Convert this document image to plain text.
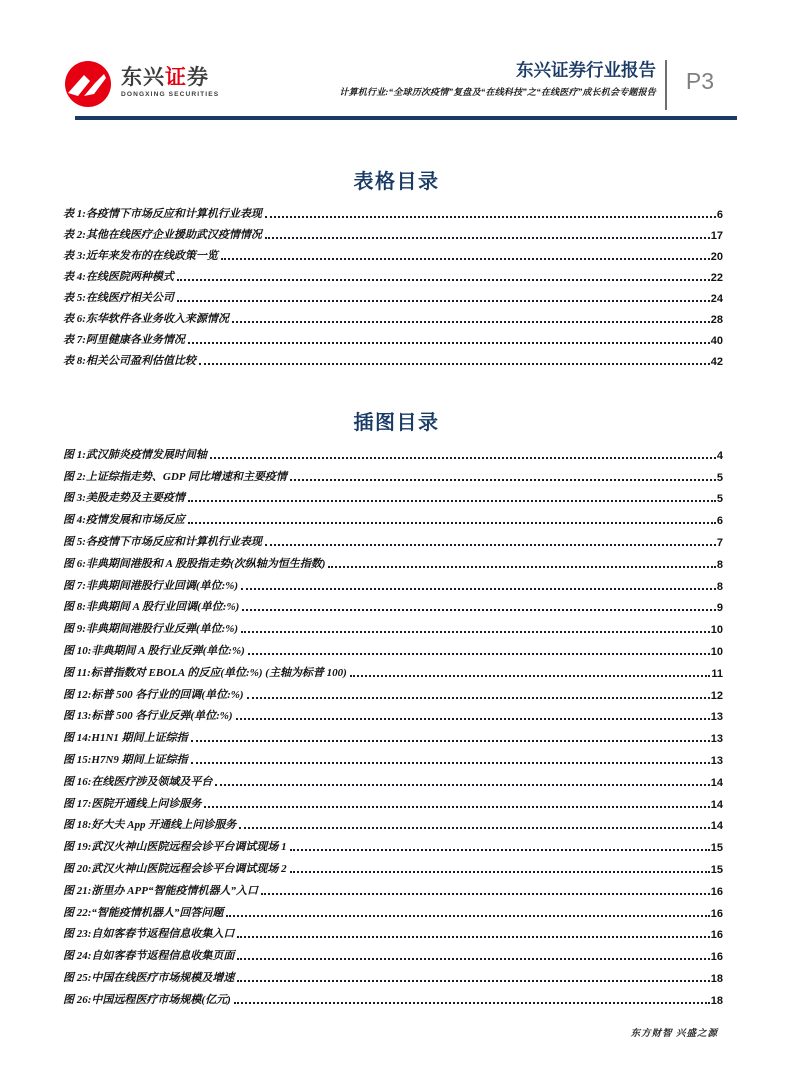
东兴证券
DONGXING SECURITIES
东兴证券行业报告
计算机行业:“全球历次疫情”复盘及“在线科技”之“在线医疗”成长机会专题报告	P3
表格目录
表 1:各疫情下市场反应和计算机行业表现	6
表 2:其他在线医疗企业援助武汉疫情情况	17
表 3:近年来发布的在线政策一览	20
表 4:在线医院两种模式	22
表 5:在线医疗相关公司	24
表 6:东华软件各业务收入来源情况	28
表 7:阿里健康各业务情况	40
表 8:相关公司盈利估值比较	42
插图目录
图 1:武汉肺炎疫情发展时间轴	4
图 2:上证综指走势、GDP 同比增速和主要疫情	5
图 3:美股走势及主要疫情	5
图 4:疫情发展和市场反应	6
图 5:各疫情下市场反应和计算机行业表现	7
图 6:非典期间港股和 A 股股指走势(次纵轴为恒生指数)	8
图 7:非典期间港股行业回调(单位:%)	8
图 8:非典期间 A 股行业回调(单位:%)	9
图 9:非典期间港股行业反弹(单位:%)	10
图 10:非典期间 A 股行业反弹(单位:%)	10
图 11:标普指数对 EBOLA 的反应(单位:%) (主轴为标普 100)	11
图 12:标普 500 各行业的回调(单位:%)	12
图 13:标普 500 各行业反弹(单位:%)	13
图 14:H1N1 期间上证综指	13
图 15:H7N9 期间上证综指	13
图 16:在线医疗涉及领域及平台	14
图 17:医院开通线上问诊服务	14
图 18:好大夫 App 开通线上问诊服务	14
图 19:武汉火神山医院远程会诊平台调试现场 1	15
图 20:武汉火神山医院远程会诊平台调试现场 2	15
图 21:浙里办 APP“智能疫情机器人”入口	16
图 22:“智能疫情机器人”回答问题	16
图 23:自如客春节返程信息收集入口	16
图 24:自如客春节返程信息收集页面	16
图 25:中国在线医疗市场规模及增速	18
图 26:中国远程医疗市场规模(亿元)	18
东方财智 兴盛之源
